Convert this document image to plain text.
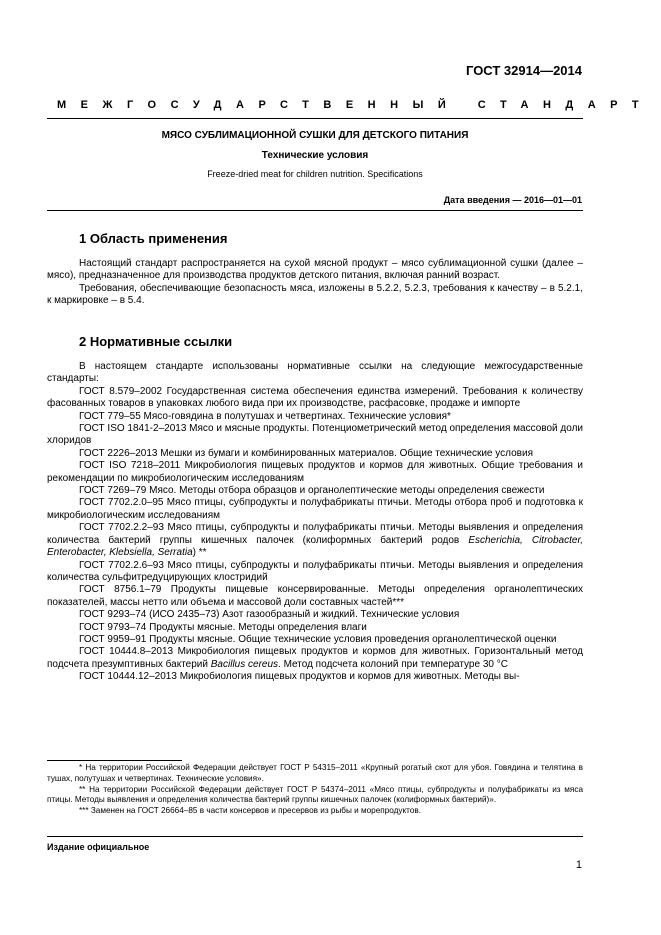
ГОСТ 32914—2014
МЕЖГОСУДАРСТВЕННЫЙ СТАНДАРТ
МЯСО СУБЛИМАЦИОННОЙ СУШКИ ДЛЯ ДЕТСКОГО ПИТАНИЯ
Технические условия
Freeze-dried meat for children nutrition. Specifications
Дата введения — 2016—01—01
1 Область применения

Настоящий стандарт распространяется на сухой мясной продукт – мясо сублимационной сушки (далее – мясо), предназначенное для производства продуктов детского питания, включая ранний возраст.

Требования, обеспечивающие безопасность мяса, изложены в 5.2.2, 5.2.3, требования к качеству – в 5.2.1, к маркировке – в 5.4.

2 Нормативные ссылки

В настоящем стандарте использованы нормативные ссылки на следующие межгосударственные стандарты:

ГОСТ 8.579–2002 Государственная система обеспечения единства измерений. Требования к количеству фасованных товаров в упаковках любого вида при их производстве, расфасовке, продаже и импорте

ГОСТ 779–55 Мясо-говядина в полутушах и четвертинах. Технические условия*

ГОСТ ISO 1841-2–2013 Мясо и мясные продукты. Потенциометрический метод определения массовой доли хлоридов

ГОСТ 2226–2013 Мешки из бумаги и комбинированных материалов. Общие технические условия

ГОСТ ISO 7218–2011 Микробиология пищевых продуктов и кормов для животных. Общие требования и рекомендации по микробиологическим исследованиям

ГОСТ 7269–79 Мясо. Методы отбора образцов и органолептические методы определения свежести

ГОСТ 7702.2.0–95 Мясо птицы, субпродукты и полуфабрикаты птичьи. Методы отбора проб и подготовка к микробиологическим исследованиям

ГОСТ 7702.2.2–93 Мясо птицы, субпродукты и полуфабрикаты птичьи. Методы выявления и определения количества бактерий группы кишечных палочек (колиформных бактерий родов Escherichia, Citrobacter, Enterobacter, Klebsiella, Serratia) **

ГОСТ 7702.2.6–93 Мясо птицы, субпродукты и полуфабрикаты птичьи. Методы выявления и определения количества сульфитредуцирующих клостридий

ГОСТ 8756.1–79 Продукты пищевые консервированные. Методы определения органолептических показателей, массы нетто или объема и массовой доли составных частей***

ГОСТ 9293–74 (ИСО 2435–73) Азот газообразный и жидкий. Технические условия

ГОСТ 9793–74 Продукты мясные. Методы определения влаги

ГОСТ 9959–91 Продукты мясные. Общие технические условия проведения органолептической оценки

ГОСТ 10444.8–2013 Микробиология пищевых продуктов и кормов для животных. Горизонтальный метод подсчета презумптивных бактерий Bacillus cereus. Метод подсчета колоний при температуре 30 °С

ГОСТ 10444.12–2013 Микробиология пищевых продуктов и кормов для животных. Методы вы-

* На территории Российской Федерации действует ГОСТ Р 54315–2011 «Крупный рогатый скот для убоя. Говядина и телятина в тушах, полутушах и четвертинах. Технические условия».

** На территории Российской Федерации действует ГОСТ Р 54374–2011 «Мясо птицы, субпродукты и полуфабрикаты из мяса птицы. Методы выявления и определения количества бактерий группы кишечных палочек (колиформных бактерий)».

*** Заменен на ГОСТ 26664–85 в части консервов и пресервов из рыбы и морепродуктов.

Издание официальное
1
